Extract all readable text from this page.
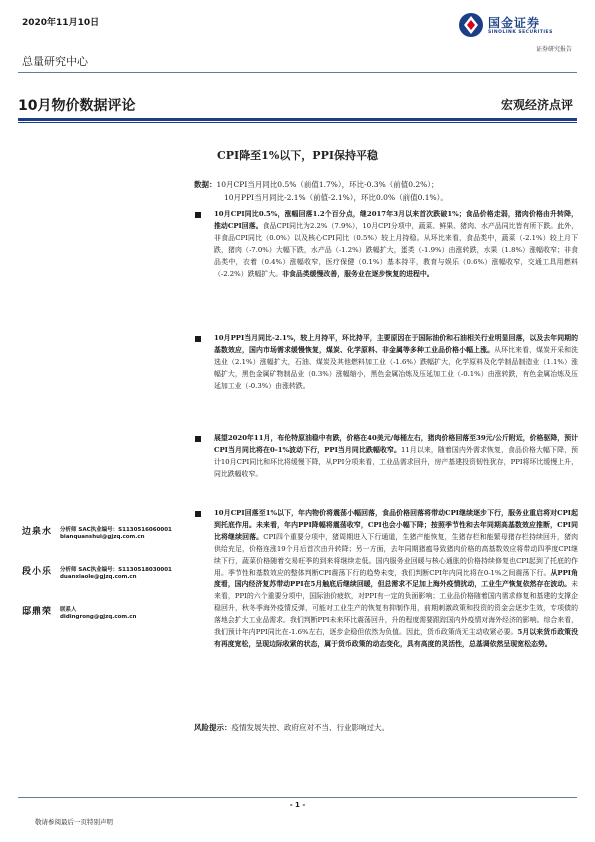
2020年11月10日	国金证券
SINOLINK SECURITIES
证券研究报告
总量研究中心
10月物价数据评论	宏观经济点评
CPI降至1%以下，PPI保持平稳
数据：10月CPI当月同比0.5%（前值1.7%），环比-0.3%（前值0.2%）；
10月PPI当月同比-2.1%（前值-2.1%），环比0.0%（前值0.1%）。
10月CPI同比0.5%，涨幅回落1.2个百分点，继2017年3月以来首次跌破1%；食品价格走弱，猪肉价格由升转降，推动CPI回落。食品CPI同比为2.2%（7.9%），10月CPI分项中，蔬菜、鲜果、猪肉、水产品同比皆有所下跌。此外，非食品CPI同比（0.0%）以及核心CPI同比（0.5%）较上月持稳。从环比来看，食品类中，蔬菜（-2.1%）较上月下跌，猪肉（-7.0%）大幅下跌，水产品（-1.2%）跌幅扩大，蛋类（-1.9%）由涨转跌，水果（1.8%）涨幅收窄；非食品类中，衣着（0.4%）涨幅收窄，医疗保健（0.1%）基本持平，教育与娱乐（0.6%）涨幅收窄，交通工具用燃料（-2.2%）跌幅扩大。非食品类缓慢改善，服务业在逐步恢复的进程中。
10月PPI当月同比-2.1%，较上月持平，环比持平，主要原因在于国际油价和石油相关行业明显回落，以及去年同期的基数效应，国内市场需求缓慢恢复，煤炭、化学原料、非金属等多种工业品价格小幅上涨。从环比来看，煤炭开采和洗选业（2.1%）涨幅扩大，石油、煤炭及其他燃料加工业（-1.6%）跌幅扩大，化学原料及化学制品制造业（1.1%）涨幅扩大，黑色金属矿物制品业（0.3%）涨幅缩小，黑色金属冶炼及压延加工业（-0.1%）由涨转跌，有色金属冶炼及压延加工业（-0.3%）由涨转跌。
展望2020年11月，布伦特原油稳中有跌，价格在40美元/每桶左右，猪肉价格回落至39元/公斤附近，价格驱降，预计CPI当月同比将在0-1%波动下行，PPI当月同比跌幅收窄。11月以来，随着国内外需求恢复，食品价格大幅下降，预计10月CPI同比和环比将缓慢下降，从PPI分项来看，工业品需求回升，房产基建投资韧性犹存，PPI将环比缓慢上升，同比跌幅收窄。
10月CPI回落至1%以下，年内物价将震荡小幅回落，食品价格回落将带动CPI继续逐步下行，服务业重启将对CPI起到托底作用。未来看，年内PPI降幅将震荡收窄，CPI也会小幅下降；按照季节性和去年同期高基数效应推断，CPI同比将继续回落。CPI四个重要分项中，猪周期进入下行通道，生猪产能恢复，生猪存栏和能繁母猪存栏持续回升，猪肉供给充足，价格连涨19个月后首次由升转降；另一方面，去年同期猪瘟导致猪肉价格的高基数效应将带动四季度CPI继续下行，蔬菜价格随着交易旺季的到来将继续走低。国内服务业回暖与核心通胀的价格持续修复也CPI起到了托底的作用。季节性和基数效应的整体判断CPI震荡下行的趋势未变，我们判断CPI年内同比将在0-1%之间震荡下行。从PPI角度看，国内经济复苏带动PPI在5月触底后继续回暖，但总需求不足加上海外疫情扰动，工业生产恢复依然存在波动。未来看，PPI的六个重要分项中，国际油价疲软，对PPI有一定的负面影响；工业品价格随着国内需求修复和基建的支撑企稳回升，秋冬季海外疫情反弹，可能对工业生产的恢复有抑制作用，前期刺激政策和投资的资金会逐步生效，专项债的落地会扩大工业品需求。我们判断PPI未来环比震荡回升，升的程度需要跟踪国内外疫情对海外经济的影响。综合来看，我们预计年内PPI同比在-1.6%左右，逐步企稳但依然为负值。因此，货币政策尚无主动收紧必要。5月以来货币政策没有再度宽松，呈现边际收紧的状态，属于货币政策的动态变化，具有高度的灵活性，总基调依然呈现宽松态势。
风险提示：疫情发展失控、政府应对不当、行业影响过大。
边泉水 分析师 SAC执业编号：S1130516060001
bianquanshui@gjzq.com.cn
段小乐 分析师 SAC执业编号：S1130518030001
duanxiaole@gjzq.com.cn
邸鼎荣 联系人
didingrong@gjzq.com.cn
- 1 -
敬请参阅最后一页特别声明
